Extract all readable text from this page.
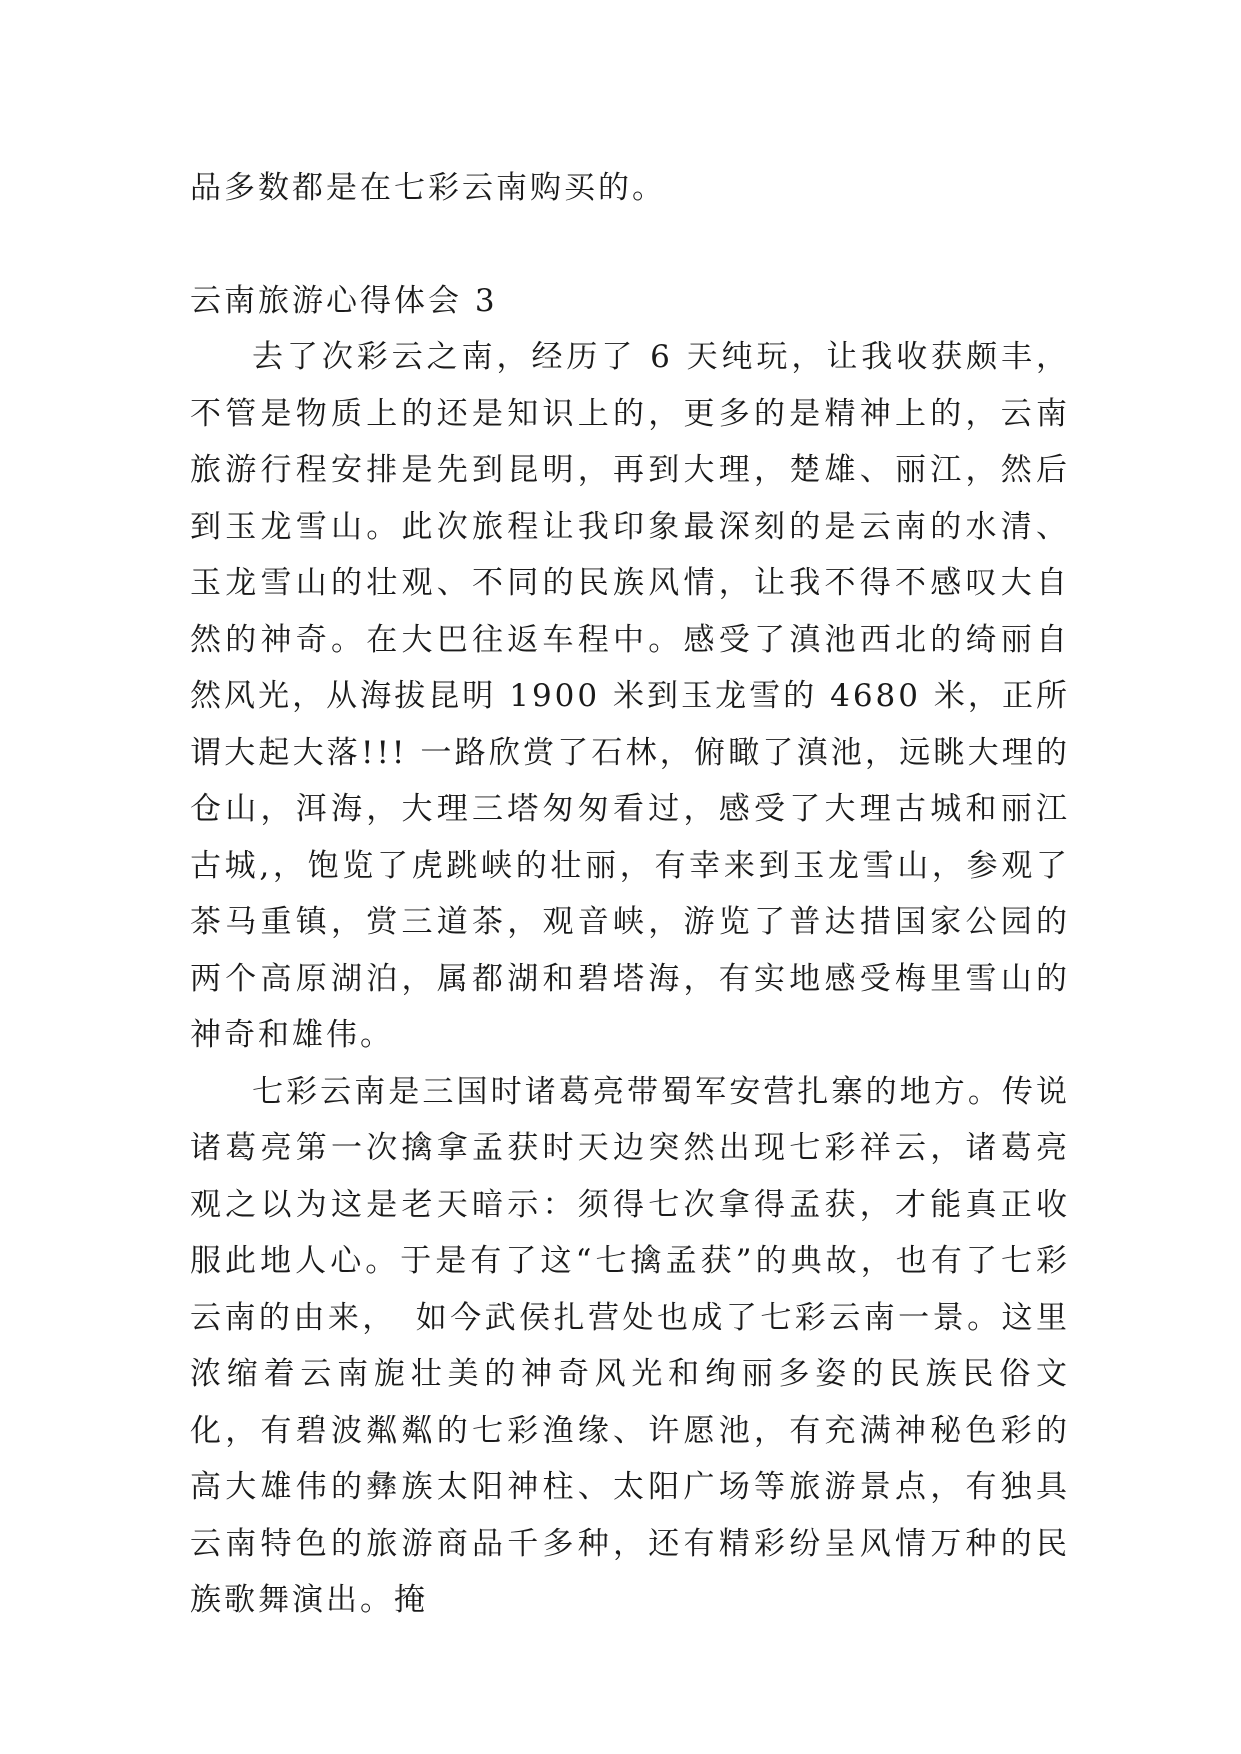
品多数都是在七彩云南购买的。

云南旅游心得体会 3

去了次彩云之南，经历了 6 天纯玩，让我收获颇丰，不管是物质上的还是知识上的，更多的是精神上的，云南旅游行程安排是先到昆明，再到大理，楚雄、丽江，然后到玉龙雪山。此次旅程让我印象最深刻的是云南的水清、玉龙雪山的壮观、不同的民族风情，让我不得不感叹大自然的神奇。在大巴往返车程中。感受了滇池西北的绮丽自然风光，从海拔昆明 1900 米到玉龙雪的 4680 米，正所谓大起大落!!! 一路欣赏了石林，俯瞰了滇池，远眺大理的仓山，洱海，大理三塔匆匆看过，感受了大理古城和丽江古城,，饱览了虎跳峡的壮丽，有幸来到玉龙雪山，参观了茶马重镇，赏三道茶，观音峡，游览了普达措国家公园的两个高原湖泊，属都湖和碧塔海，有实地感受梅里雪山的神奇和雄伟。

七彩云南是三国时诸葛亮带蜀军安营扎寨的地方。传说诸葛亮第一次擒拿孟获时天边突然出现七彩祥云，诸葛亮观之以为这是老天暗示：须得七次拿得孟获，才能真正收服此地人心。于是有了这“七擒孟获”的典故，也有了七彩云南的由来，　如今武侯扎营处也成了七彩云南一景。这里浓缩着云南旎壮美的神奇风光和绚丽多姿的民族民俗文化，有碧波粼粼的七彩渔缘、许愿池，有充满神秘色彩的高大雄伟的彝族太阳神柱、太阳广场等旅游景点，有独具云南特色的旅游商品千多种，还有精彩纷呈风情万种的民族歌舞演出。掩
